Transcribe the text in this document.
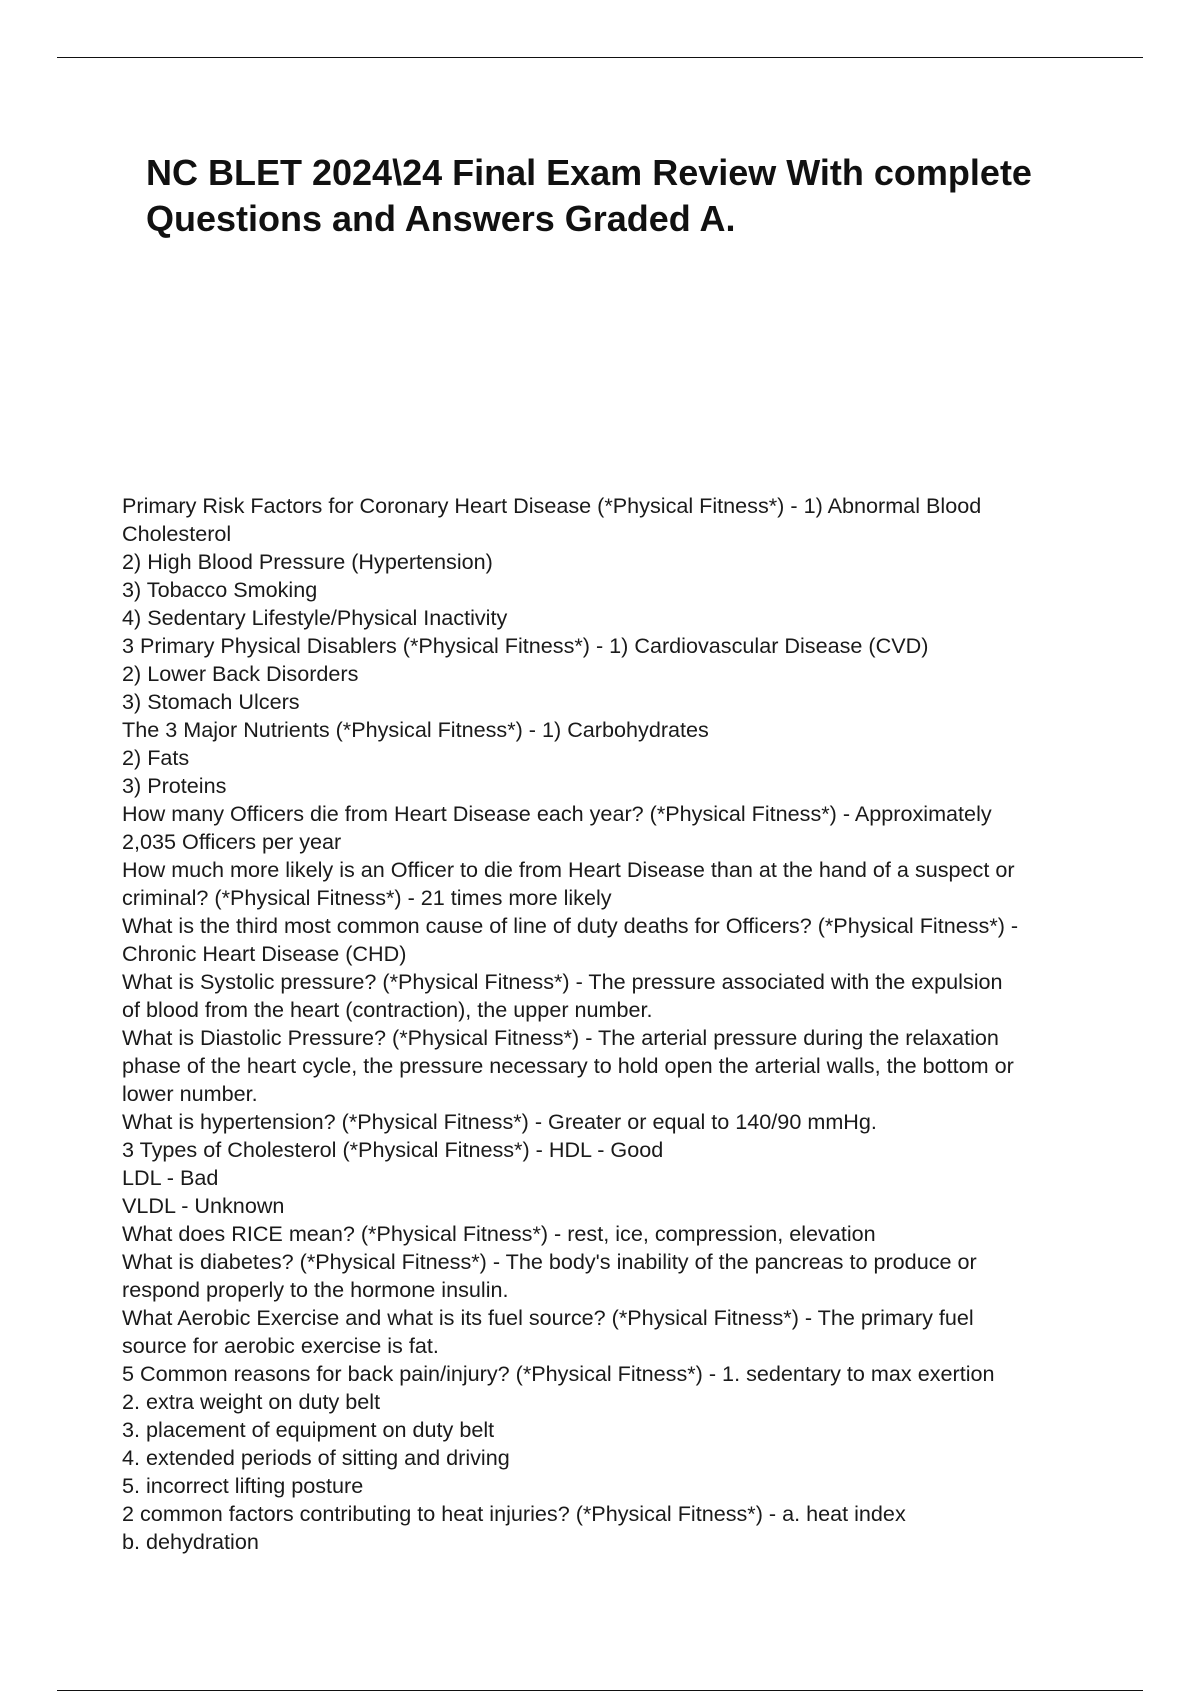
NC BLET 2024\24 Final Exam Review With complete
Questions and Answers Graded A.
Primary Risk Factors for Coronary Heart Disease (*Physical Fitness*) - 1) Abnormal Blood
Cholesterol
2) High Blood Pressure (Hypertension)
3) Tobacco Smoking
4) Sedentary Lifestyle/Physical Inactivity
3 Primary Physical Disablers (*Physical Fitness*) - 1) Cardiovascular Disease (CVD)
2) Lower Back Disorders
3) Stomach Ulcers
The 3 Major Nutrients (*Physical Fitness*) - 1) Carbohydrates
2) Fats
3) Proteins
How many Officers die from Heart Disease each year? (*Physical Fitness*) - Approximately
2,035 Officers per year
How much more likely is an Officer to die from Heart Disease than at the hand of a suspect or
criminal? (*Physical Fitness*) - 21 times more likely
What is the third most common cause of line of duty deaths for Officers? (*Physical Fitness*) -
Chronic Heart Disease (CHD)
What is Systolic pressure? (*Physical Fitness*) - The pressure associated with the expulsion
of blood from the heart (contraction), the upper number.
What is Diastolic Pressure? (*Physical Fitness*) - The arterial pressure during the relaxation
phase of the heart cycle, the pressure necessary to hold open the arterial walls, the bottom or
lower number.
What is hypertension? (*Physical Fitness*) - Greater or equal to 140/90 mmHg.
3 Types of Cholesterol (*Physical Fitness*) - HDL - Good
LDL - Bad
VLDL - Unknown
What does RICE mean? (*Physical Fitness*) - rest, ice, compression, elevation
What is diabetes? (*Physical Fitness*) - The body's inability of the pancreas to produce or
respond properly to the hormone insulin.
What Aerobic Exercise and what is its fuel source? (*Physical Fitness*) - The primary fuel
source for aerobic exercise is fat.
5 Common reasons for back pain/injury? (*Physical Fitness*) - 1. sedentary to max exertion
2. extra weight on duty belt
3. placement of equipment on duty belt
4. extended periods of sitting and driving
5. incorrect lifting posture
2 common factors contributing to heat injuries? (*Physical Fitness*) - a. heat index
b. dehydration
